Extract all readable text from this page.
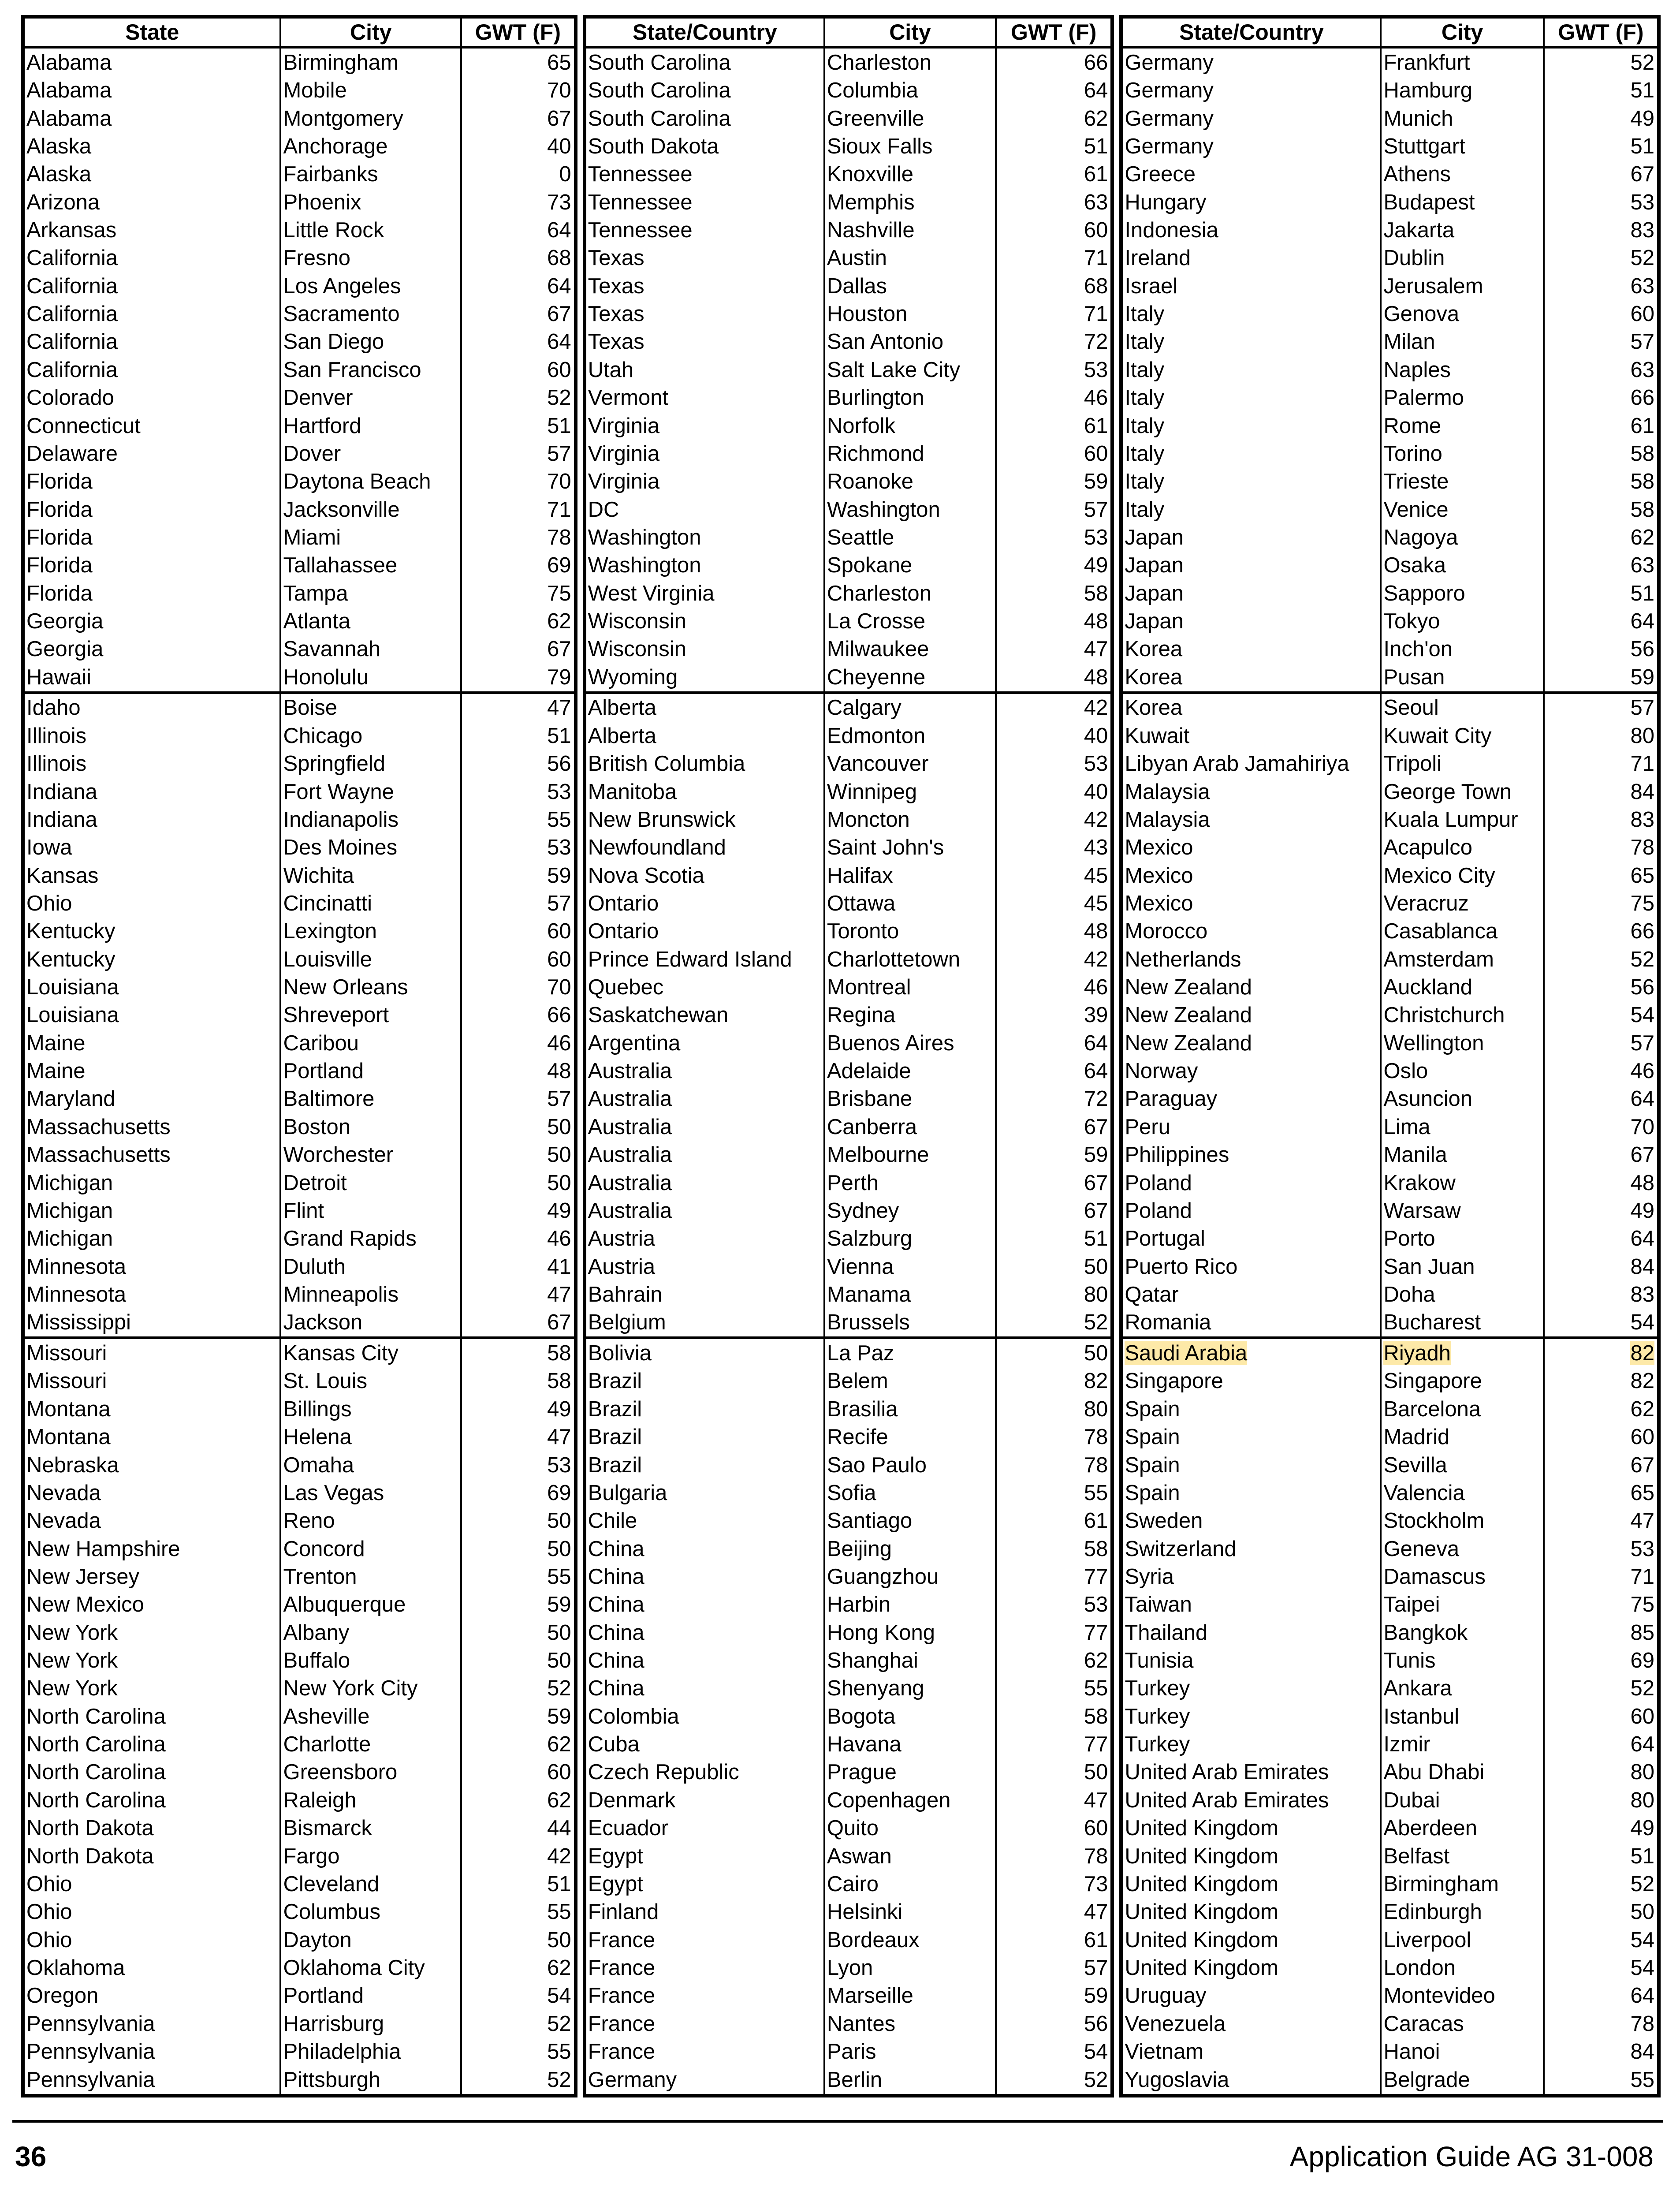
State	City	GWT (F)
Alabama	Birmingham	65
Alabama	Mobile	70
Alabama	Montgomery	67
Alaska	Anchorage	40
Alaska	Fairbanks	0
Arizona	Phoenix	73
Arkansas	Little Rock	64
California	Fresno	68
California	Los Angeles	64
California	Sacramento	67
California	San Diego	64
California	San Francisco	60
Colorado	Denver	52
Connecticut	Hartford	51
Delaware	Dover	57
Florida	Daytona Beach	70
Florida	Jacksonville	71
Florida	Miami	78
Florida	Tallahassee	69
Florida	Tampa	75
Georgia	Atlanta	62
Georgia	Savannah	67
Hawaii	Honolulu	79
Idaho	Boise	47
Illinois	Chicago	51
Illinois	Springfield	56
Indiana	Fort Wayne	53
Indiana	Indianapolis	55
Iowa	Des Moines	53
Kansas	Wichita	59
Ohio	Cincinatti	57
Kentucky	Lexington	60
Kentucky	Louisville	60
Louisiana	New Orleans	70
Louisiana	Shreveport	66
Maine	Caribou	46
Maine	Portland	48
Maryland	Baltimore	57
Massachusetts	Boston	50
Massachusetts	Worchester	50
Michigan	Detroit	50
Michigan	Flint	49
Michigan	Grand Rapids	46
Minnesota	Duluth	41
Minnesota	Minneapolis	47
Mississippi	Jackson	67
Missouri	Kansas City	58
Missouri	St. Louis	58
Montana	Billings	49
Montana	Helena	47
Nebraska	Omaha	53
Nevada	Las Vegas	69
Nevada	Reno	50
New Hampshire	Concord	50
New Jersey	Trenton	55
New Mexico	Albuquerque	59
New York	Albany	50
New York	Buffalo	50
New York	New York City	52
North Carolina	Asheville	59
North Carolina	Charlotte	62
North Carolina	Greensboro	60
North Carolina	Raleigh	62
North Dakota	Bismarck	44
North Dakota	Fargo	42
Ohio	Cleveland	51
Ohio	Columbus	55
Ohio	Dayton	50
Oklahoma	Oklahoma City	62
Oregon	Portland	54
Pennsylvania	Harrisburg	52
Pennsylvania	Philadelphia	55
Pennsylvania	Pittsburgh	52
State/Country	City	GWT (F)
South Carolina	Charleston	66
South Carolina	Columbia	64
South Carolina	Greenville	62
South Dakota	Sioux Falls	51
Tennessee	Knoxville	61
Tennessee	Memphis	63
Tennessee	Nashville	60
Texas	Austin	71
Texas	Dallas	68
Texas	Houston	71
Texas	San Antonio	72
Utah	Salt Lake City	53
Vermont	Burlington	46
Virginia	Norfolk	61
Virginia	Richmond	60
Virginia	Roanoke	59
DC	Washington	57
Washington	Seattle	53
Washington	Spokane	49
West Virginia	Charleston	58
Wisconsin	La Crosse	48
Wisconsin	Milwaukee	47
Wyoming	Cheyenne	48
Alberta	Calgary	42
Alberta	Edmonton	40
British Columbia	Vancouver	53
Manitoba	Winnipeg	40
New Brunswick	Moncton	42
Newfoundland	Saint John's	43
Nova Scotia	Halifax	45
Ontario	Ottawa	45
Ontario	Toronto	48
Prince Edward Island	Charlottetown	42
Quebec	Montreal	46
Saskatchewan	Regina	39
Argentina	Buenos Aires	64
Australia	Adelaide	64
Australia	Brisbane	72
Australia	Canberra	67
Australia	Melbourne	59
Australia	Perth	67
Australia	Sydney	67
Austria	Salzburg	51
Austria	Vienna	50
Bahrain	Manama	80
Belgium	Brussels	52
Bolivia	La Paz	50
Brazil	Belem	82
Brazil	Brasilia	80
Brazil	Recife	78
Brazil	Sao Paulo	78
Bulgaria	Sofia	55
Chile	Santiago	61
China	Beijing	58
China	Guangzhou	77
China	Harbin	53
China	Hong Kong	77
China	Shanghai	62
China	Shenyang	55
Colombia	Bogota	58
Cuba	Havana	77
Czech Republic	Prague	50
Denmark	Copenhagen	47
Ecuador	Quito	60
Egypt	Aswan	78
Egypt	Cairo	73
Finland	Helsinki	47
France	Bordeaux	61
France	Lyon	57
France	Marseille	59
France	Nantes	56
France	Paris	54
Germany	Berlin	52
State/Country	City	GWT (F)
Germany	Frankfurt	52
Germany	Hamburg	51
Germany	Munich	49
Germany	Stuttgart	51
Greece	Athens	67
Hungary	Budapest	53
Indonesia	Jakarta	83
Ireland	Dublin	52
Israel	Jerusalem	63
Italy	Genova	60
Italy	Milan	57
Italy	Naples	63
Italy	Palermo	66
Italy	Rome	61
Italy	Torino	58
Italy	Trieste	58
Italy	Venice	58
Japan	Nagoya	62
Japan	Osaka	63
Japan	Sapporo	51
Japan	Tokyo	64
Korea	Inch'on	56
Korea	Pusan	59
Korea	Seoul	57
Kuwait	Kuwait City	80
Libyan Arab Jamahiriya	Tripoli	71
Malaysia	George Town	84
Malaysia	Kuala Lumpur	83
Mexico	Acapulco	78
Mexico	Mexico City	65
Mexico	Veracruz	75
Morocco	Casablanca	66
Netherlands	Amsterdam	52
New Zealand	Auckland	56
New Zealand	Christchurch	54
New Zealand	Wellington	57
Norway	Oslo	46
Paraguay	Asuncion	64
Peru	Lima	70
Philippines	Manila	67
Poland	Krakow	48
Poland	Warsaw	49
Portugal	Porto	64
Puerto Rico	San Juan	84
Qatar	Doha	83
Romania	Bucharest	54
Saudi Arabia	Riyadh	82
Singapore	Singapore	82
Spain	Barcelona	62
Spain	Madrid	60
Spain	Sevilla	67
Spain	Valencia	65
Sweden	Stockholm	47
Switzerland	Geneva	53
Syria	Damascus	71
Taiwan	Taipei	75
Thailand	Bangkok	85
Tunisia	Tunis	69
Turkey	Ankara	52
Turkey	Istanbul	60
Turkey	Izmir	64
United Arab Emirates	Abu Dhabi	80
United Arab Emirates	Dubai	80
United Kingdom	Aberdeen	49
United Kingdom	Belfast	51
United Kingdom	Birmingham	52
United Kingdom	Edinburgh	50
United Kingdom	Liverpool	54
United Kingdom	London	54
Uruguay	Montevideo	64
Venezuela	Caracas	78
Vietnam	Hanoi	84
Yugoslavia	Belgrade	55
36	Application Guide AG 31-008
